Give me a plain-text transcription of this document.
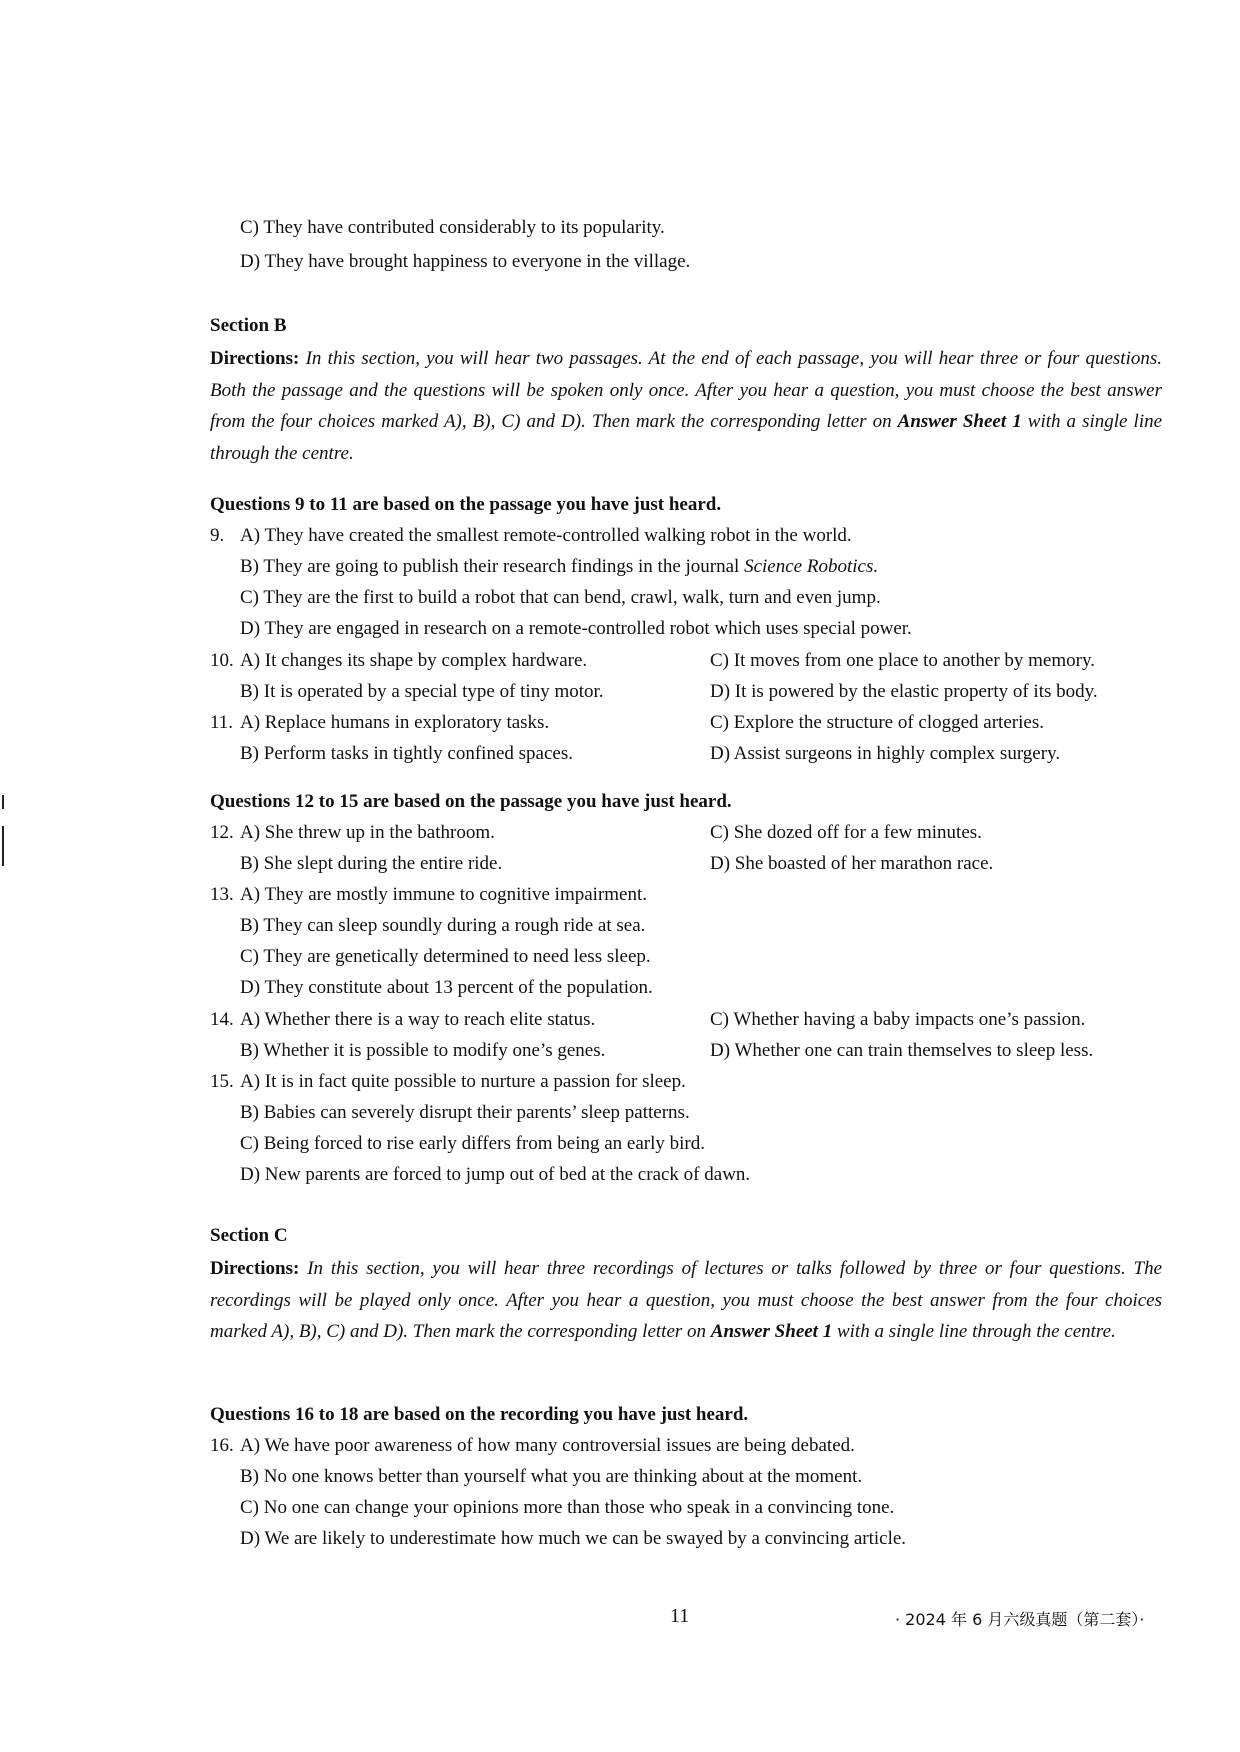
C) They have contributed considerably to its popularity.
D) They have brought happiness to everyone in the village.
Section B
Directions: In this section, you will hear two passages. At the end of each passage, you will hear three or four questions. Both the passage and the questions will be spoken only once. After you hear a question, you must choose the best answer from the four choices marked A), B), C) and D). Then mark the corresponding letter on Answer Sheet 1 with a single line through the centre.
Questions 9 to 11 are based on the passage you have just heard.
9. A) They have created the smallest remote-controlled walking robot in the world.
B) They are going to publish their research findings in the journal Science Robotics.
C) They are the first to build a robot that can bend, crawl, walk, turn and even jump.
D) They are engaged in research on a remote-controlled robot which uses special power.
10. A) It changes its shape by complex hardware.	C) It moves from one place to another by memory.
B) It is operated by a special type of tiny motor.	D) It is powered by the elastic property of its body.
11. A) Replace humans in exploratory tasks.	C) Explore the structure of clogged arteries.
B) Perform tasks in tightly confined spaces.	D) Assist surgeons in highly complex surgery.
Questions 12 to 15 are based on the passage you have just heard.
12. A) She threw up in the bathroom.	C) She dozed off for a few minutes.
B) She slept during the entire ride.	D) She boasted of her marathon race.
13. A) They are mostly immune to cognitive impairment.
B) They can sleep soundly during a rough ride at sea.
C) They are genetically determined to need less sleep.
D) They constitute about 13 percent of the population.
14. A) Whether there is a way to reach elite status.	C) Whether having a baby impacts one’s passion.
B) Whether it is possible to modify one’s genes.	D) Whether one can train themselves to sleep less.
15. A) It is in fact quite possible to nurture a passion for sleep.
B) Babies can severely disrupt their parents’ sleep patterns.
C) Being forced to rise early differs from being an early bird.
D) New parents are forced to jump out of bed at the crack of dawn.
Section C
Directions: In this section, you will hear three recordings of lectures or talks followed by three or four questions. The recordings will be played only once. After you hear a question, you must choose the best answer from the four choices marked A), B), C) and D). Then mark the corresponding letter on Answer Sheet 1 with a single line through the centre.
Questions 16 to 18 are based on the recording you have just heard.
16. A) We have poor awareness of how many controversial issues are being debated.
B) No one knows better than yourself what you are thinking about at the moment.
C) No one can change your opinions more than those who speak in a convincing tone.
D) We are likely to underestimate how much we can be swayed by a convincing article.
11	· 2024 年 6 月六级真题（第二套）·
